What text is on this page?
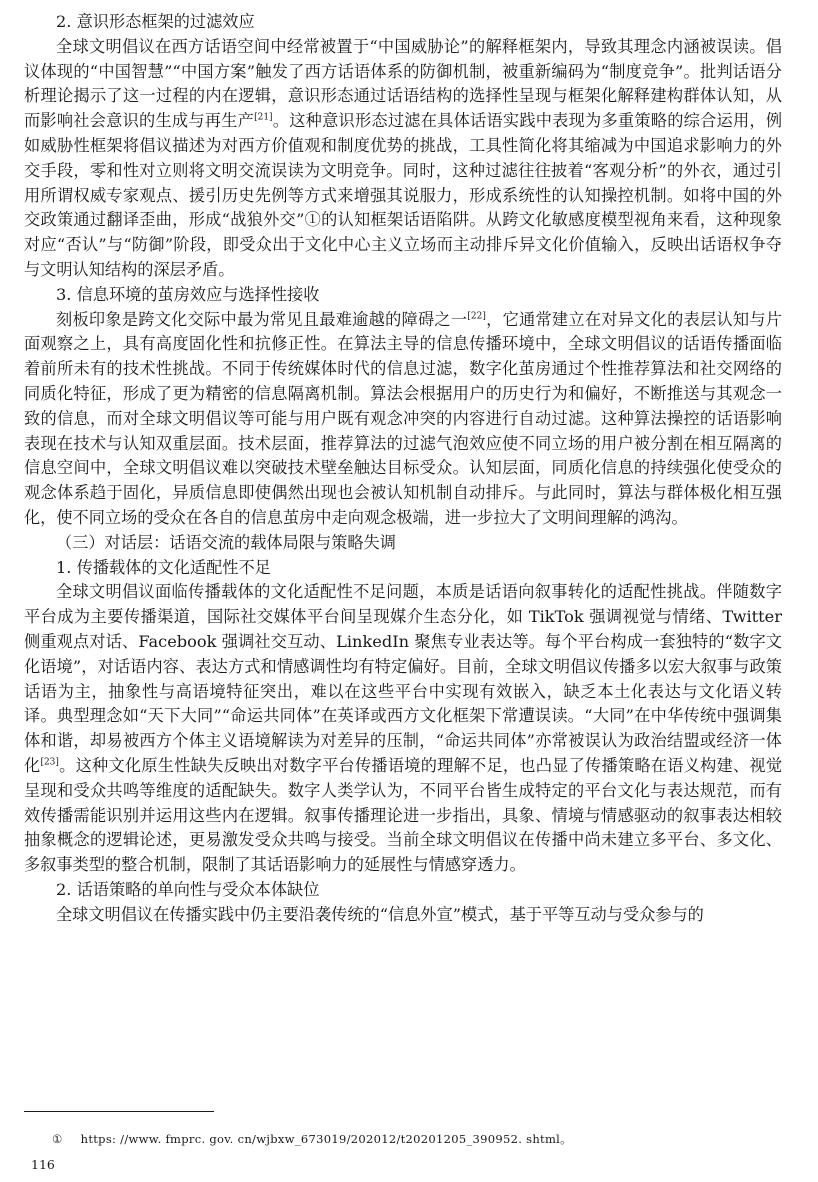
2. 意识形态框架的过滤效应

全球文明倡议在西方话语空间中经常被置于“中国威胁论”的解释框架内，导致其理念内涵被误读。倡议体现的“中国智慧”“中国方案”触发了西方话语体系的防御机制，被重新编码为“制度竞争”。批判话语分析理论揭示了这一过程的内在逻辑，意识形态通过话语结构的选择性呈现与框架化解释建构群体认知，从而影响社会意识的生成与再生产[21]。这种意识形态过滤在具体话语实践中表现为多重策略的综合运用，例如威胁性框架将倡议描述为对西方价值观和制度优势的挑战，工具性简化将其缩减为中国追求影响力的外交手段，零和性对立则将文明交流误读为文明竞争。同时，这种过滤往往披着“客观分析”的外衣，通过引用所谓权威专家观点、援引历史先例等方式来增强其说服力，形成系统性的认知操控机制。如将中国的外交政策通过翻译歪曲，形成“战狼外交”①的认知框架话语陷阱。从跨文化敏感度模型视角来看，这种现象对应“否认”与“防御”阶段，即受众出于文化中心主义立场而主动排斥异文化价值输入，反映出话语权争夺与文明认知结构的深层矛盾。

3. 信息环境的茧房效应与选择性接收

刻板印象是跨文化交际中最为常见且最难逾越的障碍之一[22]，它通常建立在对异文化的表层认知与片面观察之上，具有高度固化性和抗修正性。在算法主导的信息传播环境中，全球文明倡议的话语传播面临着前所未有的技术性挑战。不同于传统媒体时代的信息过滤，数字化茧房通过个性推荐算法和社交网络的同质化特征，形成了更为精密的信息隔离机制。算法会根据用户的历史行为和偏好，不断推送与其观念一致的信息，而对全球文明倡议等可能与用户既有观念冲突的内容进行自动过滤。这种算法操控的话语影响表现在技术与认知双重层面。技术层面，推荐算法的过滤气泡效应使不同立场的用户被分割在相互隔离的信息空间中，全球文明倡议难以突破技术壁垒触达目标受众。认知层面，同质化信息的持续强化使受众的观念体系趋于固化，异质信息即使偶然出现也会被认知机制自动排斥。与此同时，算法与群体极化相互强化，使不同立场的受众在各自的信息茧房中走向观念极端，进一步拉大了文明间理解的鸿沟。

（三）对话层：话语交流的载体局限与策略失调

1. 传播载体的文化适配性不足

全球文明倡议面临传播载体的文化适配性不足问题，本质是话语向叙事转化的适配性挑战。伴随数字平台成为主要传播渠道，国际社交媒体平台间呈现媒介生态分化，如 TikTok 强调视觉与情绪、Twitter 侧重观点对话、Facebook 强调社交互动、LinkedIn 聚焦专业表达等。每个平台构成一套独特的“数字文化语境”，对话语内容、表达方式和情感调性均有特定偏好。目前，全球文明倡议传播多以宏大叙事与政策话语为主，抽象性与高语境特征突出，难以在这些平台中实现有效嵌入，缺乏本土化表达与文化语义转译。典型理念如“天下大同”“命运共同体”在英译或西方文化框架下常遭误读。“大同”在中华传统中强调集体和谐，却易被西方个体主义语境解读为对差异的压制，“命运共同体”亦常被误认为政治结盟或经济一体化[23]。这种文化原生性缺失反映出对数字平台传播语境的理解不足，也凸显了传播策略在语义构建、视觉呈现和受众共鸣等维度的适配缺失。数字人类学认为，不同平台皆生成特定的平台文化与表达规范，而有效传播需能识别并运用这些内在逻辑。叙事传播理论进一步指出，具象、情境与情感驱动的叙事表达相较抽象概念的逻辑论述，更易激发受众共鸣与接受。当前全球文明倡议在传播中尚未建立多平台、多文化、多叙事类型的整合机制，限制了其话语影响力的延展性与情感穿透力。

2. 话语策略的单向性与受众本体缺位

全球文明倡议在传播实践中仍主要沿袭传统的“信息外宣”模式，基于平等互动与受众参与的

① https: //www. fmprc. gov. cn/wjbxw_673019/202012/t20201205_390952. shtml。
116
